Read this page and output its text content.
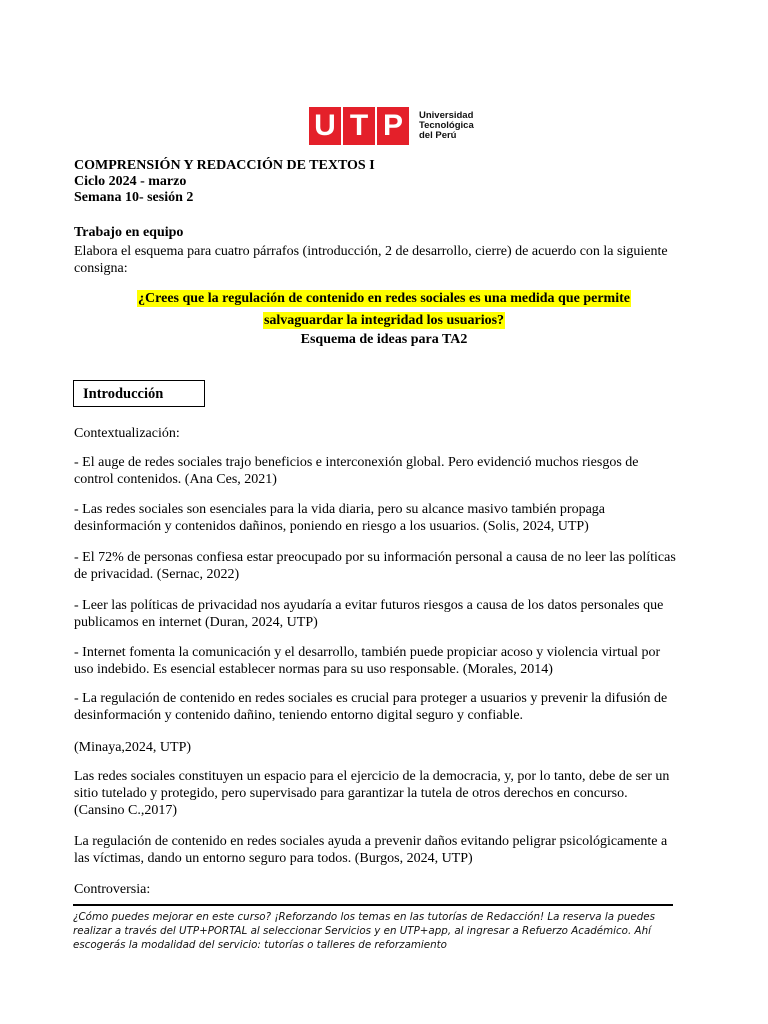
U T P	Universidad
Tecnológica
del Perú
COMPRENSIÓN Y REDACCIÓN DE TEXTOS I
Ciclo 2024 - marzo
Semana 10- sesión 2
Trabajo en equipo
Elabora el esquema para cuatro párrafos (introducción, 2 de desarrollo, cierre) de acuerdo con la siguiente consigna:
¿Crees que la regulación de contenido en redes sociales es una medida que permite
salvaguardar la integridad los usuarios?
Esquema de ideas para TA2
Introducción
Contextualización:
- El auge de redes sociales trajo beneficios e interconexión global. Pero evidenció muchos riesgos de control contenidos. (Ana Ces, 2021)
- Las redes sociales son esenciales para la vida diaria, pero su alcance masivo también propaga desinformación y contenidos dañinos, poniendo en riesgo a los usuarios. (Solis, 2024, UTP)
- El 72% de personas confiesa estar preocupado por su información personal a causa de no leer las políticas de privacidad. (Sernac, 2022)
- Leer las políticas de privacidad nos ayudaría a evitar futuros riesgos a causa de los datos personales que publicamos en internet (Duran, 2024, UTP)
- Internet fomenta la comunicación y el desarrollo, también puede propiciar acoso y violencia virtual por uso indebido. Es esencial establecer normas para su uso responsable. (Morales, 2014)
- La regulación de contenido en redes sociales es crucial para proteger a usuarios y prevenir la difusión de desinformación y contenido dañino, teniendo entorno digital seguro y confiable.
(Minaya,2024, UTP)
Las redes sociales constituyen un espacio para el ejercicio de la democracia, y, por lo tanto, debe de ser un sitio tutelado y protegido, pero supervisado para garantizar la tutela de otros derechos en concurso. (Cansino C.,2017)
La regulación de contenido en redes sociales ayuda a prevenir daños evitando peligrar psicológicamente a las víctimas, dando un entorno seguro para todos. (Burgos, 2024, UTP)
Controversia:
¿Cómo puedes mejorar en este curso? ¡Reforzando los temas en las tutorías de Redacción! La reserva la puedes realizar a través del UTP+PORTAL al seleccionar Servicios y en UTP+app, al ingresar a Refuerzo Académico. Ahí escogerás la modalidad del servicio: tutorías o talleres de reforzamiento
